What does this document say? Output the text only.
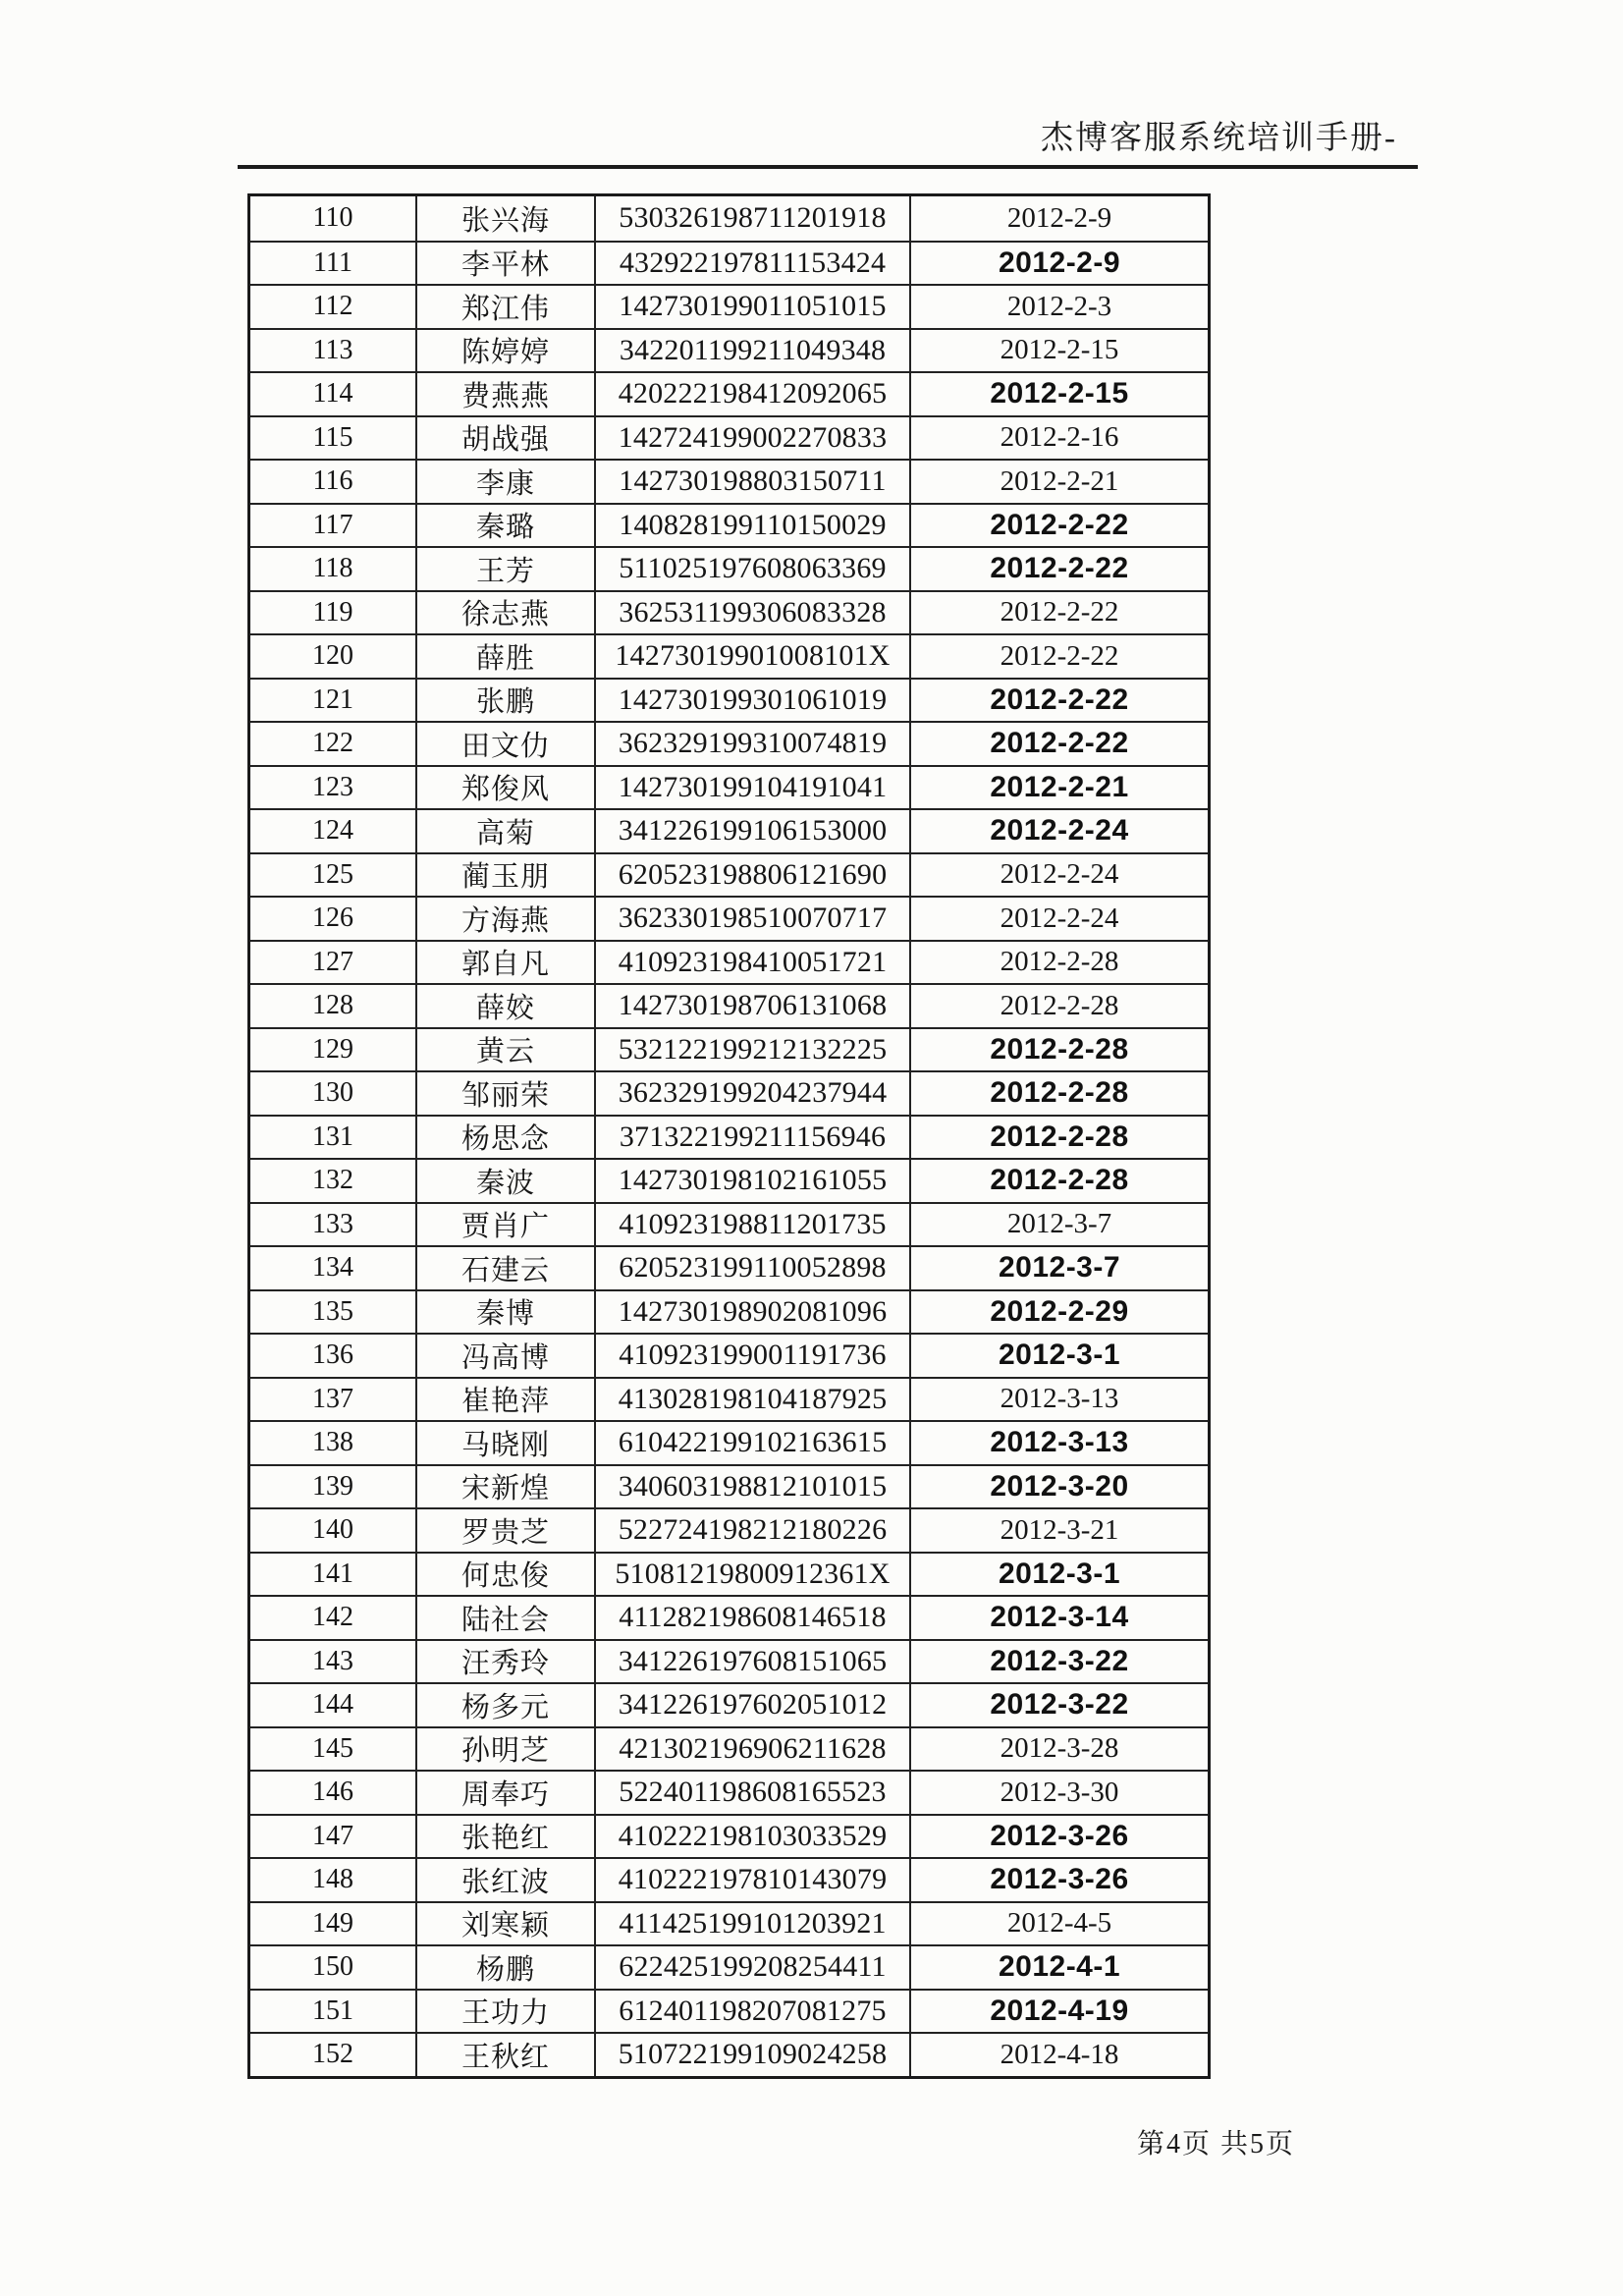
杰博客服系统培训手册-
110	张兴海	530326198711201918	2012-2-9
111	李平林	432922197811153424	2012-2-9
112	郑江伟	142730199011051015	2012-2-3
113	陈婷婷	342201199211049348	2012-2-15
114	费燕燕	420222198412092065	2012-2-15
115	胡战强	142724199002270833	2012-2-16
116	李康	142730198803150711	2012-2-21
117	秦璐	140828199110150029	2012-2-22
118	王芳	511025197608063369	2012-2-22
119	徐志燕	362531199306083328	2012-2-22
120	薛胜	14273019901008101X	2012-2-22
121	张鹏	142730199301061019	2012-2-22
122	田文仂	362329199310074819	2012-2-22
123	郑俊风	142730199104191041	2012-2-21
124	高菊	341226199106153000	2012-2-24
125	蔺玉朋	620523198806121690	2012-2-24
126	方海燕	362330198510070717	2012-2-24
127	郭自凡	410923198410051721	2012-2-28
128	薛姣	142730198706131068	2012-2-28
129	黄云	532122199212132225	2012-2-28
130	邹丽荣	362329199204237944	2012-2-28
131	杨思念	371322199211156946	2012-2-28
132	秦波	142730198102161055	2012-2-28
133	贾肖广	410923198811201735	2012-3-7
134	石建云	620523199110052898	2012-3-7
135	秦博	142730198902081096	2012-2-29
136	冯高博	410923199001191736	2012-3-1
137	崔艳萍	413028198104187925	2012-3-13
138	马晓刚	610422199102163615	2012-3-13
139	宋新煌	340603198812101015	2012-3-20
140	罗贵芝	522724198212180226	2012-3-21
141	何忠俊	51081219800912361X	2012-3-1
142	陆社会	411282198608146518	2012-3-14
143	汪秀玲	341226197608151065	2012-3-22
144	杨多元	341226197602051012	2012-3-22
145	孙明芝	421302196906211628	2012-3-28
146	周奉巧	522401198608165523	2012-3-30
147	张艳红	410222198103033529	2012-3-26
148	张红波	410222197810143079	2012-3-26
149	刘寒颖	411425199101203921	2012-4-5
150	杨鹏	622425199208254411	2012-4-1
151	王功力	612401198207081275	2012-4-19
152	王秋红	510722199109024258	2012-4-18
第4页 共5页
